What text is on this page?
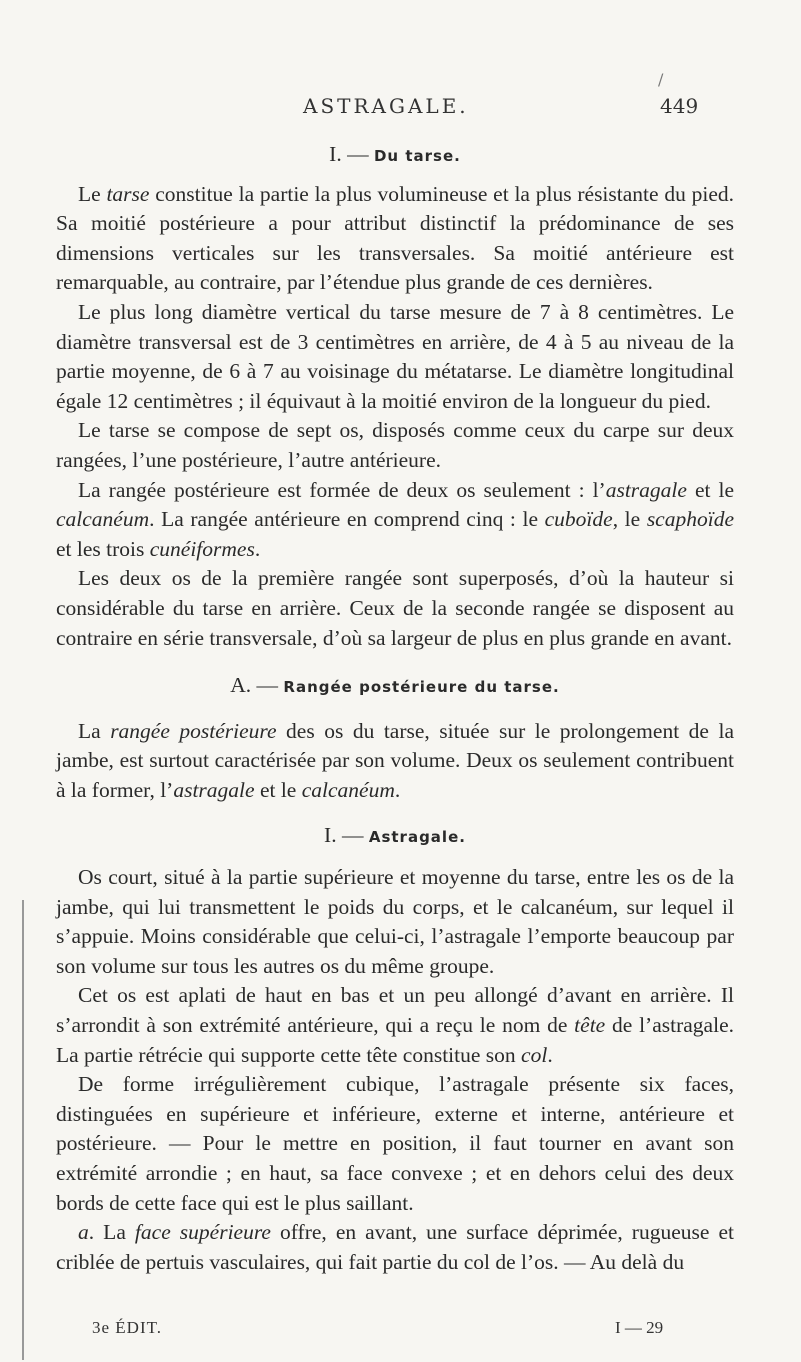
/
ASTRAGALE.	449
I. — Du tarse.

Le tarse constitue la partie la plus volumineuse et la plus résistante du pied. Sa moitié postérieure a pour attribut distinctif la prédominance de ses dimensions verticales sur les transversales. Sa moitié antérieure est remarquable, au contraire, par l’étendue plus grande de ces dernières.

Le plus long diamètre vertical du tarse mesure de 7 à 8 centimètres. Le diamètre transversal est de 3 centimètres en arrière, de 4 à 5 au niveau de la partie moyenne, de 6 à 7 au voisinage du métatarse. Le diamètre longitudinal égale 12 centimètres ; il équivaut à la moitié environ de la longueur du pied.

Le tarse se compose de sept os, disposés comme ceux du carpe sur deux rangées, l’une postérieure, l’autre antérieure.

La rangée postérieure est formée de deux os seulement : l’astragale et le calcanéum. La rangée antérieure en comprend cinq : le cuboïde, le scaphoïde et les trois cunéiformes.

Les deux os de la première rangée sont superposés, d’où la hauteur si considérable du tarse en arrière. Ceux de la seconde rangée se disposent au contraire en série transversale, d’où sa largeur de plus en plus grande en avant.

A. — Rangée postérieure du tarse.

La rangée postérieure des os du tarse, située sur le prolongement de la jambe, est surtout caractérisée par son volume. Deux os seulement contribuent à la former, l’astragale et le calcanéum.

I. — Astragale.

Os court, situé à la partie supérieure et moyenne du tarse, entre les os de la jambe, qui lui transmettent le poids du corps, et le calcanéum, sur lequel il s’appuie. Moins considérable que celui-ci, l’astragale l’emporte beaucoup par son volume sur tous les autres os du même groupe.

Cet os est aplati de haut en bas et un peu allongé d’avant en arrière. Il s’arrondit à son extrémité antérieure, qui a reçu le nom de tête de l’astragale. La partie rétrécie qui supporte cette tête constitue son col.

De forme irrégulièrement cubique, l’astragale présente six faces, distinguées en supérieure et inférieure, externe et interne, antérieure et postérieure. — Pour le mettre en position, il faut tourner en avant son extrémité arrondie ; en haut, sa face convexe ; et en dehors celui des deux bords de cette face qui est le plus saillant.

a. La face supérieure offre, en avant, une surface déprimée, rugueuse et criblée de pertuis vasculaires, qui fait partie du col de l’os. — Au delà du

3e ÉDIT.	I — 29
